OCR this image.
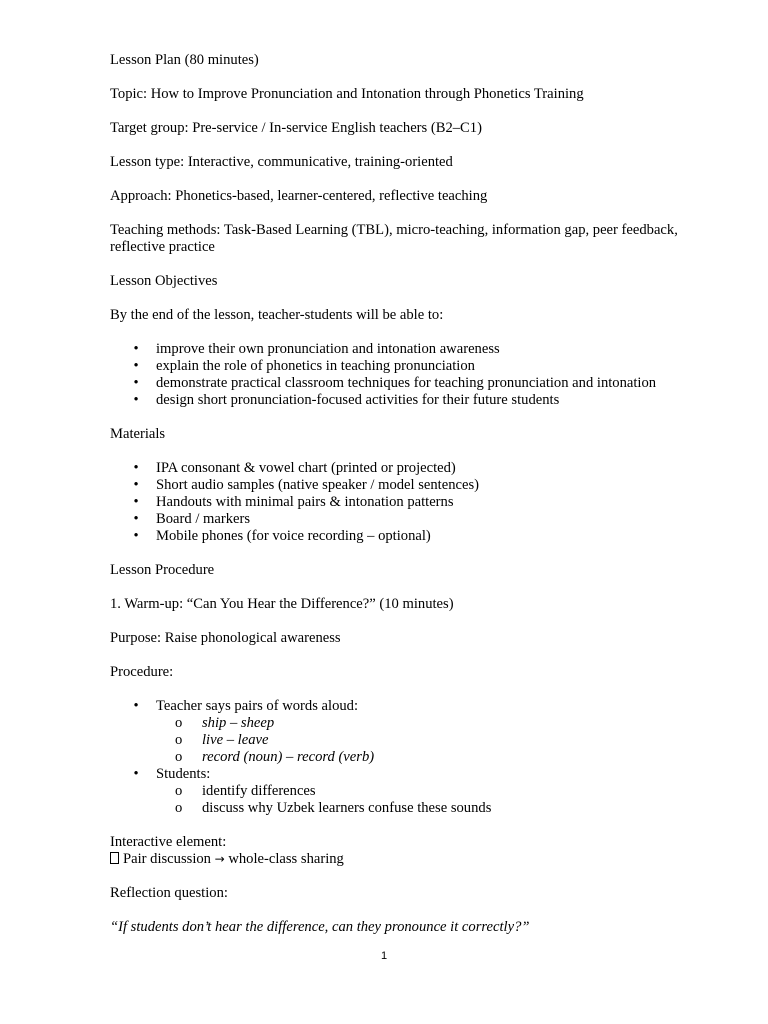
Lesson Plan (80 minutes)

Topic: How to Improve Pronunciation and Intonation through Phonetics Training

Target group: Pre-service / In-service English teachers (B2–C1)

Lesson type: Interactive, communicative, training-oriented

Approach: Phonetics-based, learner-centered, reflective teaching

Teaching methods: Task-Based Learning (TBL), micro-teaching, information gap, peer feedback, reflective practice

Lesson Objectives

By the end of the lesson, teacher-students will be able to:

• improve their own pronunciation and intonation awareness
• explain the role of phonetics in teaching pronunciation
• demonstrate practical classroom techniques for teaching pronunciation and intonation
• design short pronunciation-focused activities for their future students

Materials

• IPA consonant & vowel chart (printed or projected)
• Short audio samples (native speaker / model sentences)
• Handouts with minimal pairs & intonation patterns
• Board / markers
• Mobile phones (for voice recording – optional)

Lesson Procedure

1. Warm-up: “Can You Hear the Difference?” (10 minutes)

Purpose: Raise phonological awareness

Procedure:

• Teacher says pairs of words aloud:
o ship – sheep
o live – leave
o record (noun) – record (verb)
• Students:
o identify differences
o discuss why Uzbek learners confuse these sounds

Interactive element:

Pair discussion → whole-class sharing

Reflection question:

“If students don’t hear the difference, can they pronounce it correctly?”

1
